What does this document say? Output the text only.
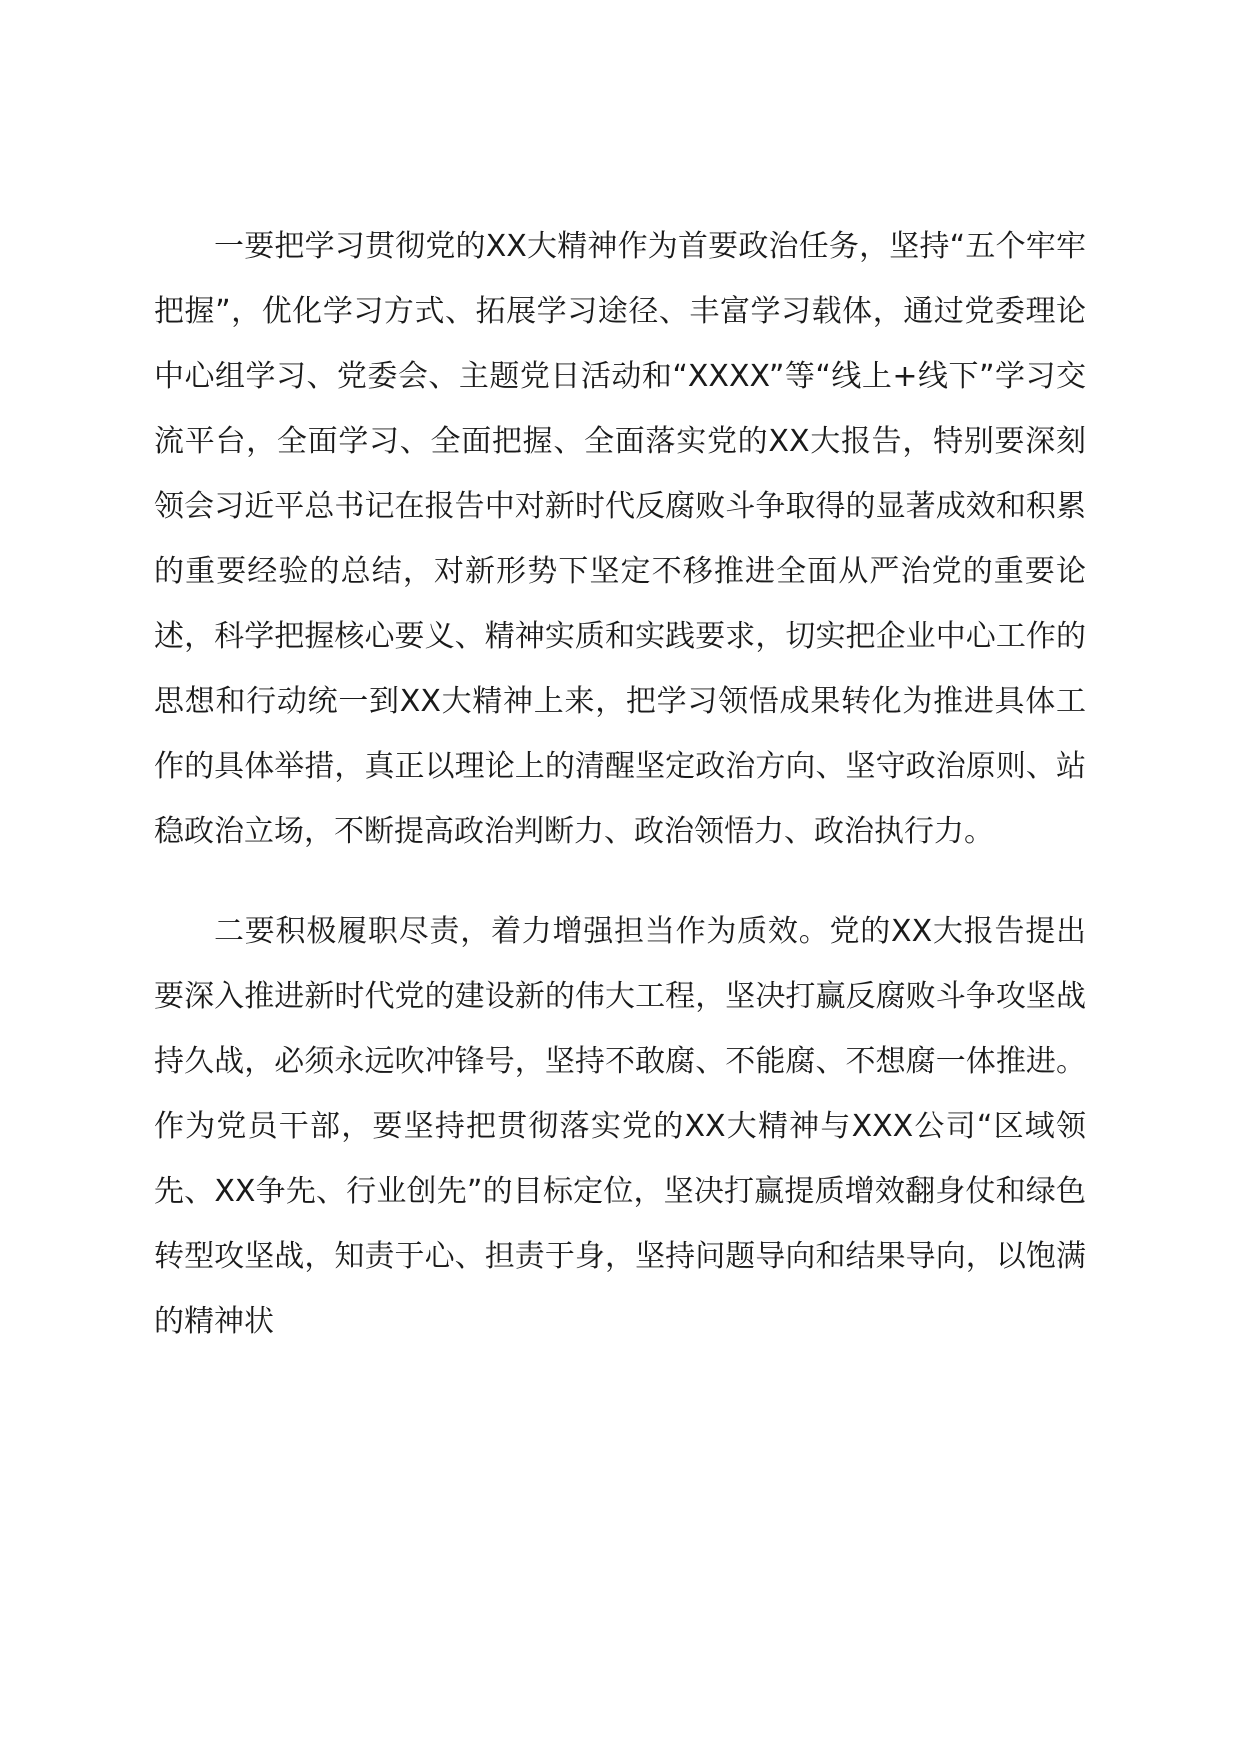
一要把学习贯彻党的XX大精神作为首要政治任务，坚持“五个牢牢把握”，优化学习方式、拓展学习途径、丰富学习载体，通过党委理论中心组学习、党委会、主题党日活动和“XXXX”等“线上+线下”学习交流平台，全面学习、全面把握、全面落实党的XX大报告，特别要深刻领会习近平总书记在报告中对新时代反腐败斗争取得的显著成效和积累的重要经验的总结，对新形势下坚定不移推进全面从严治党的重要论述，科学把握核心要义、精神实质和实践要求，切实把企业中心工作的思想和行动统一到XX大精神上来，把学习领悟成果转化为推进具体工作的具体举措，真正以理论上的清醒坚定政治方向、坚守政治原则、站稳政治立场，不断提高政治判断力、政治领悟力、政治执行力。

二要积极履职尽责，着力增强担当作为质效。党的XX大报告提出要深入推进新时代党的建设新的伟大工程，坚决打赢反腐败斗争攻坚战持久战，必须永远吹冲锋号，坚持不敢腐、不能腐、不想腐一体推进。作为党员干部，要坚持把贯彻落实党的XX大精神与XXX公司“区域领先、XX争先、行业创先”的目标定位，坚决打赢提质增效翻身仗和绿色转型攻坚战，知责于心、担责于身，坚持问题导向和结果导向，以饱满的精神状
